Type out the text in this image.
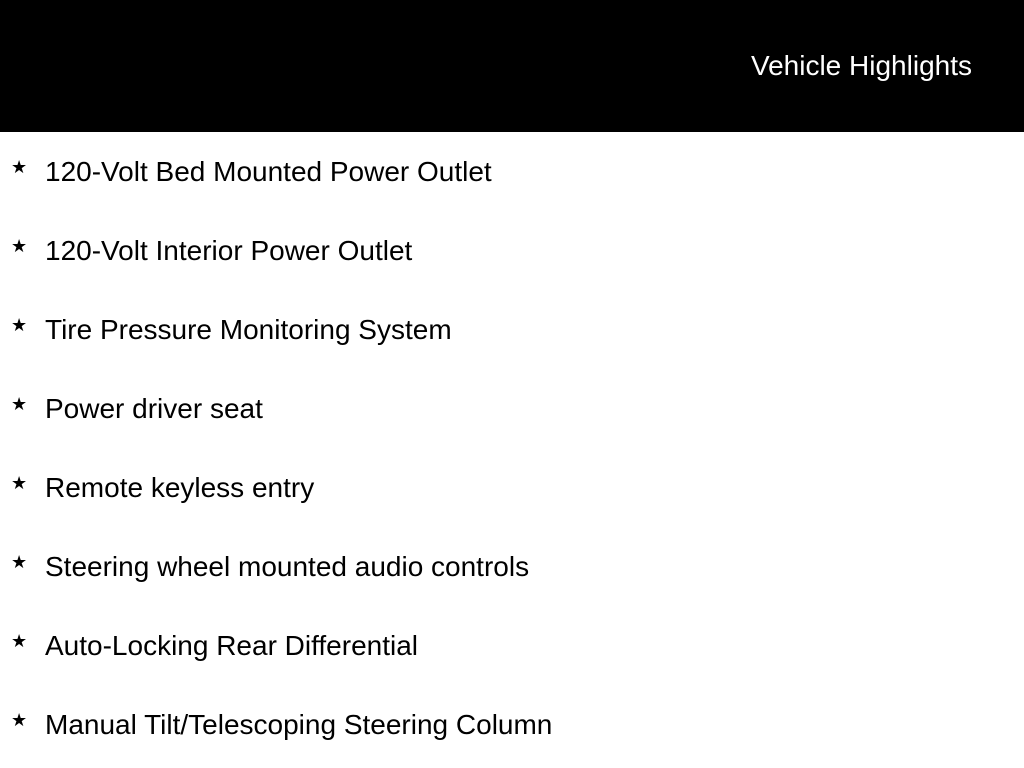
Vehicle Highlights
★ 120-Volt Bed Mounted Power Outlet
★ 120-Volt Interior Power Outlet
★ Tire Pressure Monitoring System
★ Power driver seat
★ Remote keyless entry
★ Steering wheel mounted audio controls
★ Auto-Locking Rear Differential
★ Manual Tilt/Telescoping Steering Column
